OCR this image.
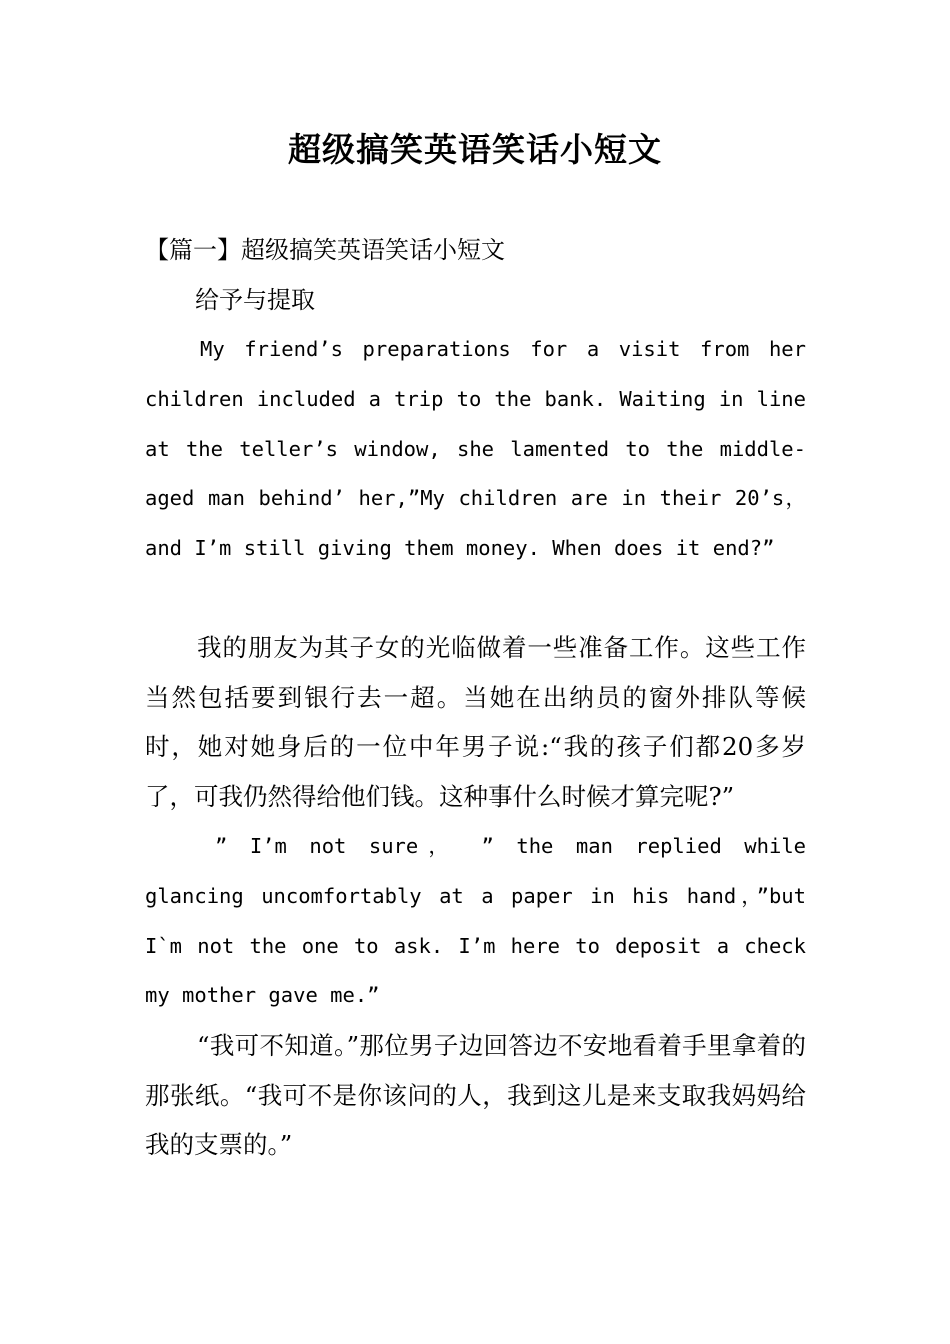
超级搞笑英语笑话小短文

【篇一】超级搞笑英语笑话小短文

给予与提取

My friend’s preparations for a visit from her children included a trip to the bank. Waiting in line at the teller’s window, she lamented to the middle-aged man behind’ her,”My children are in their 20’s，and I’m still giving them money. When does it end?”

我的朋友为其子女的光临做着一些准备工作。这些工作当然包括要到银行去一超。当她在出纳员的窗外排队等候时，她对她身后的一位中年男子说:“我的孩子们都20多岁了，可我仍然得给他们钱。这种事什么时候才算完呢?”

” I’m not sure， ” the man replied while glancing uncomfortably at a paper in his hand，”but I`m not the one to ask. I’m here to deposit a check my mother gave me.”

“我可不知道。”那位男子边回答边不安地看着手里拿着的那张纸。“我可不是你该问的人，我到这儿是来支取我妈妈给我的支票的。”
